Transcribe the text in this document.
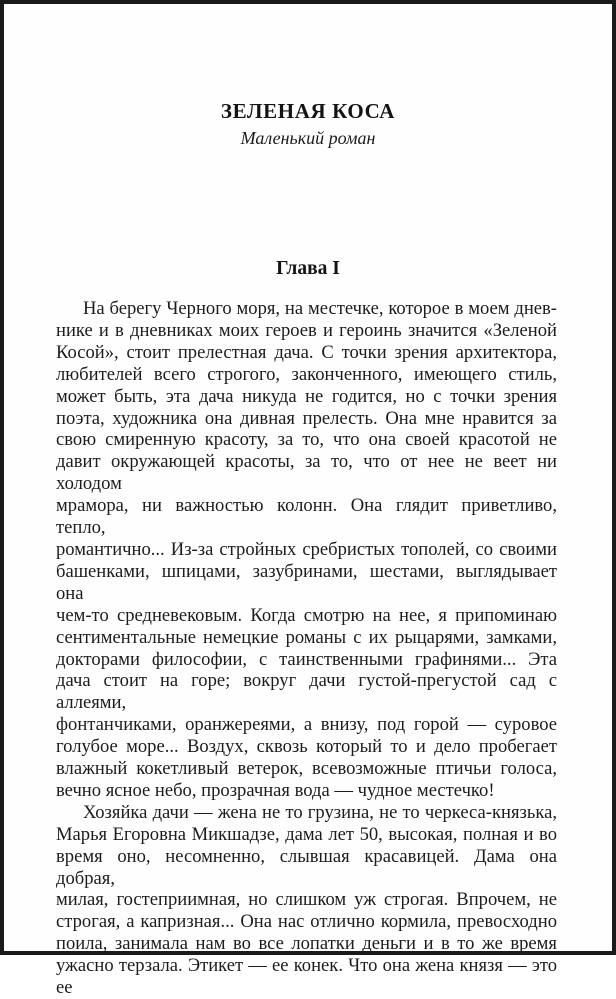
ЗЕЛЕНАЯ КОСА
Маленький роман
Глава I
На берегу Черного моря, на местечке, которое в моем днев-
нике и в дневниках моих героев и героинь значится «Зеленой
Косой», стоит прелестная дача. С точки зрения архитектора,
любителей всего строгого, законченного, имеющего стиль,
может быть, эта дача никуда не годится, но с точки зрения
поэта, художника она дивная прелесть. Она мне нравится за
свою смиренную красоту, за то, что она своей красотой не
давит окружающей красоты, за то, что от нее не веет ни холодом
мрамора, ни важностью колонн. Она глядит приветливо, тепло,
романтично... Из-за стройных сребристых тополей, со своими
башенками, шпицами, зазубринами, шестами, выглядывает она
чем-то средневековым. Когда смотрю на нее, я припоминаю
сентиментальные немецкие романы с их рыцарями, замками,
докторами философии, с таинственными графинями... Эта
дача стоит на горе; вокруг дачи густой-прегустой сад с аллеями,
фонтанчиками, оранжереями, а внизу, под горой — суровое
голубое море... Воздух, сквозь который то и дело пробегает
влажный кокетливый ветерок, всевозможные птичьи голоса,
вечно ясное небо, прозрачная вода — чудное местечко!
Хозяйка дачи — жена не то грузина, не то черкеса-князька,
Марья Егоровна Микшадзе, дама лет 50, высокая, полная и во
время оно, несомненно, слывшая красавицей. Дама она добрая,
милая, гостеприимная, но слишком уж строгая. Впрочем, не
строгая, а капризная... Она нас отлично кормила, превосходно
поила, занимала нам во все лопатки деньги и в то же время
ужасно терзала. Этикет — ее конек. Что она жена князя — это ее
